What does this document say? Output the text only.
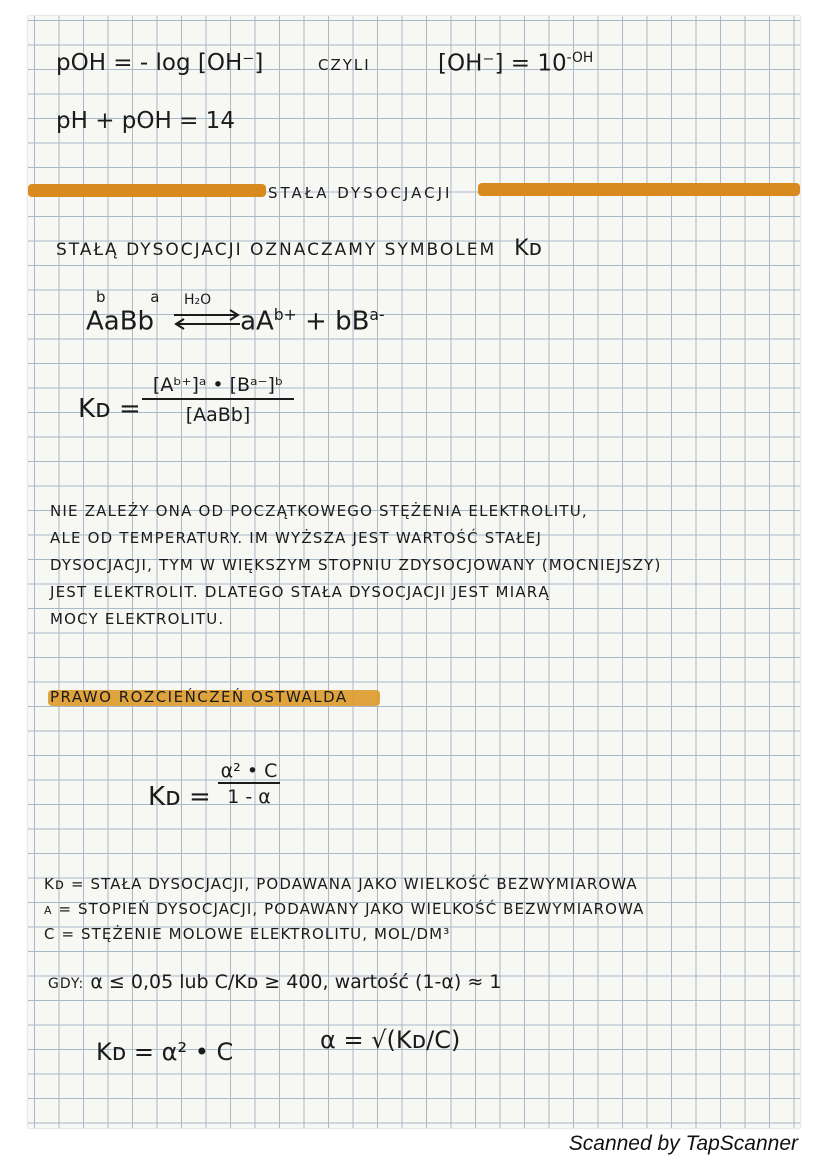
pOH = - log [OH⁻]	CZYLI	$[OH^-] = 10^{-OH}$
pH + pOH = 14
STAŁA DYSOCJACJI
STAŁĄ DYSOCJACJI OZNACZAMY SYMBOLEM Kᴅ
b a H₂O
AaBb	$aA^{b+} + bB^{a-}$
Kᴅ =
[Aᵇ⁺]ᵃ • [Bᵃ⁻]ᵇ
[AaBb]

NIE ZALEŻY ONA OD POCZĄTKOWEGO STĘŻENIA ELEKTROLITU,

ALE OD TEMPERATURY. IM WYŻSZA JEST WARTOŚĆ STAŁEJ

DYSOCJACJI, TYM W WIĘKSZYM STOPNIU ZDYSOCJOWANY (MOCNIEJSZY)

JEST ELEKTROLIT. DLATEGO STAŁA DYSOCJACJI JEST MIARĄ

MOCY ELEKTROLITU.

PRAWO ROZCIEŃCZEŃ OSTWALDA
Kᴅ =
α² • C
1 - α

Kᴅ = STAŁA DYSOCJACJI, PODAWANA JAKO WIELKOŚĆ BEZWYMIAROWA

α = STOPIEŃ DYSOCJACJI, PODAWANY JAKO WIELKOŚĆ BEZWYMIAROWA

C = STĘŻENIE MOLOWE ELEKTROLITU, MOL/DM³

GDY: α ≤ 0,05 lub C/Kᴅ ≥ 400, wartość (1-α) ≈ 1
Kᴅ = α² • C	α = √(Kᴅ/C)
Scanned by TapScanner
